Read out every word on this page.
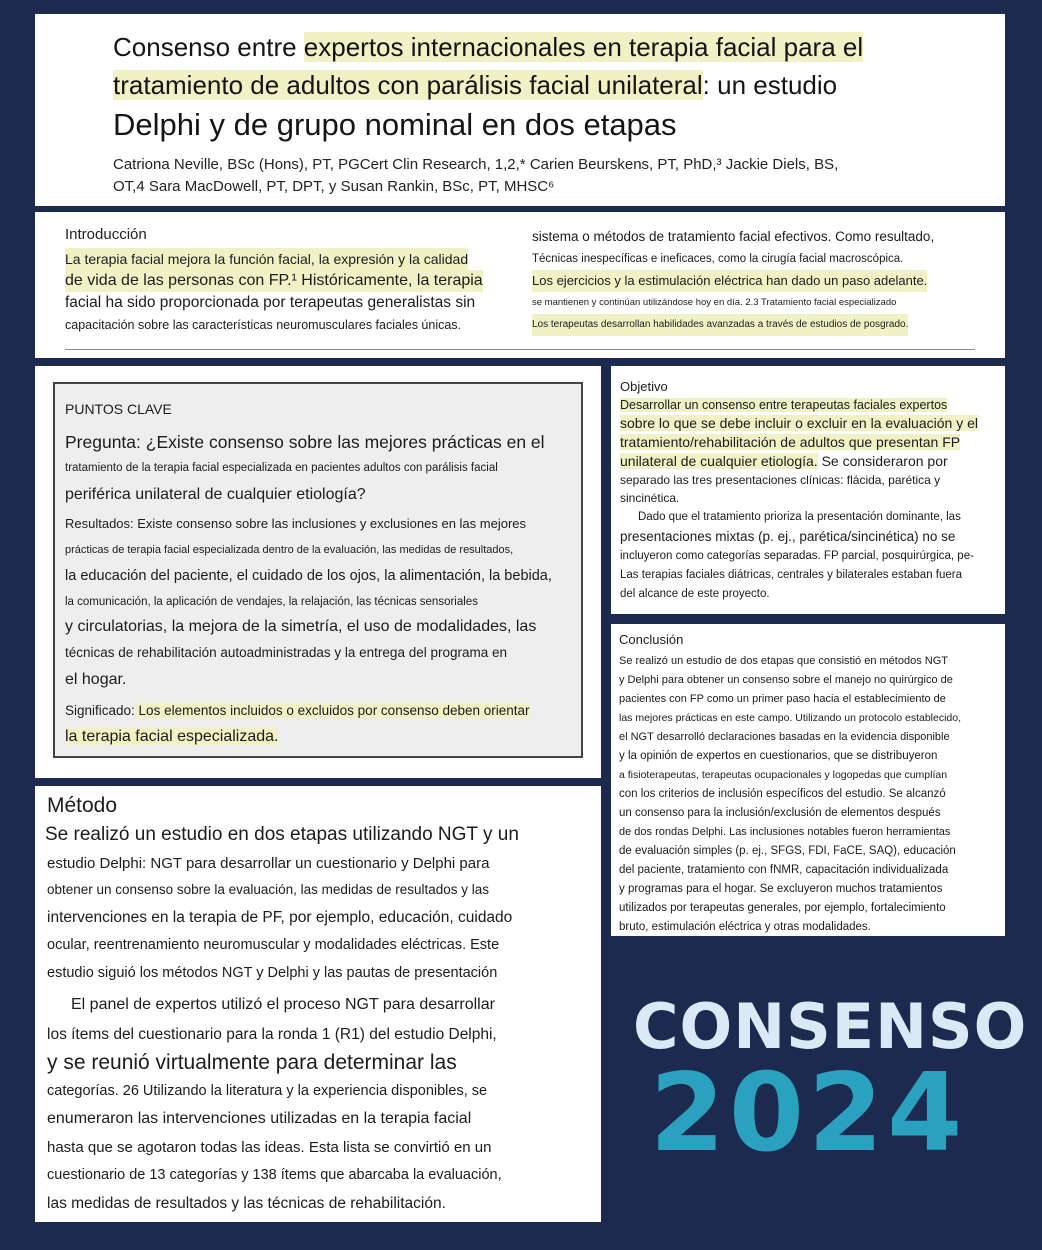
Consenso entre expertos internacionales en terapia facial para el
tratamiento de adultos con parálisis facial unilateral: un estudio
Delphi y de grupo nominal en dos etapas
Catriona Neville, BSc (Hons), PT, PGCert Clin Research, 1,2,* Carien Beurskens, PT, PhD,³ Jackie Diels, BS,
OT,4 Sara MacDowell, PT, DPT, y Susan Rankin, BSc, PT, MHSC⁶

Introducción

La terapia facial mejora la función facial, la expresión y la calidad

de vida de las personas con FP.¹ Históricamente, la terapia

facial ha sido proporcionada por terapeutas generalistas sin

capacitación sobre las características neuromusculares faciales únicas.

sistema o métodos de tratamiento facial efectivos. Como resultado,

Técnicas inespecíficas e ineficaces, como la cirugía facial macroscópica.

Los ejercicios y la estimulación eléctrica han dado un paso adelante.

se mantienen y continúan utilizándose hoy en día. 2.3 Tratamiento facial especializado

Los terapeutas desarrollan habilidades avanzadas a través de estudios de posgrado.

PUNTOS CLAVE

Pregunta: ¿Existe consenso sobre las mejores prácticas en el

tratamiento de la terapia facial especializada en pacientes adultos con parálisis facial

periférica unilateral de cualquier etiología?

Resultados: Existe consenso sobre las inclusiones y exclusiones en las mejores

prácticas de terapia facial especializada dentro de la evaluación, las medidas de resultados,

la educación del paciente, el cuidado de los ojos, la alimentación, la bebida,

la comunicación, la aplicación de vendajes, la relajación, las técnicas sensoriales

y circulatorias, la mejora de la simetría, el uso de modalidades, las

técnicas de rehabilitación autoadministradas y la entrega del programa en

el hogar.

Significado: Los elementos incluidos o excluidos por consenso deben orientar

la terapia facial especializada.

Objetivo

Desarrollar un consenso entre terapeutas faciales expertos

sobre lo que se debe incluir o excluir en la evaluación y el

tratamiento/rehabilitación de adultos que presentan FP

unilateral de cualquier etiología. Se consideraron por

separado las tres presentaciones clínicas: flácida, parética y

sincinética.

Dado que el tratamiento prioriza la presentación dominante, las

presentaciones mixtas (p. ej., parética/sincinética) no se

incluyeron como categorías separadas. FP parcial, posquirúrgica, pe-

Las terapias faciales diátricas, centrales y bilaterales estaban fuera

del alcance de este proyecto.

Conclusión

Se realizó un estudio de dos etapas que consistió en métodos NGT

y Delphi para obtener un consenso sobre el manejo no quirúrgico de

pacientes con FP como un primer paso hacia el establecimiento de

las mejores prácticas en este campo. Utilizando un protocolo establecido,

el NGT desarrolló declaraciones basadas en la evidencia disponible

y la opinión de expertos en cuestionarios, que se distribuyeron

a fisioterapeutas, terapeutas ocupacionales y logopedas que cumplían

con los criterios de inclusión específicos del estudio. Se alcanzó

un consenso para la inclusión/exclusión de elementos después

de dos rondas Delphi. Las inclusiones notables fueron herramientas

de evaluación simples (p. ej., SFGS, FDI, FaCE, SAQ), educación

del paciente, tratamiento con fNMR, capacitación individualizada

y programas para el hogar. Se excluyeron muchos tratamientos

utilizados por terapeutas generales, por ejemplo, fortalecimiento

bruto, estimulación eléctrica y otras modalidades.

Método

Se realizó un estudio en dos etapas utilizando NGT y un

estudio Delphi: NGT para desarrollar un cuestionario y Delphi para

obtener un consenso sobre la evaluación, las medidas de resultados y las

intervenciones en la terapia de PF, por ejemplo, educación, cuidado

ocular, reentrenamiento neuromuscular y modalidades eléctricas. Este

estudio siguió los métodos NGT y Delphi y las pautas de presentación

El panel de expertos utilizó el proceso NGT para desarrollar

los ítems del cuestionario para la ronda 1 (R1) del estudio Delphi,

y se reunió virtualmente para determinar las

categorías. 26 Utilizando la literatura y la experiencia disponibles, se

enumeraron las intervenciones utilizadas en la terapia facial

hasta que se agotaron todas las ideas. Esta lista se convirtió en un

cuestionario de 13 categorías y 138 ítems que abarcaba la evaluación,

las medidas de resultados y las técnicas de rehabilitación.

CONSENSO
2024
